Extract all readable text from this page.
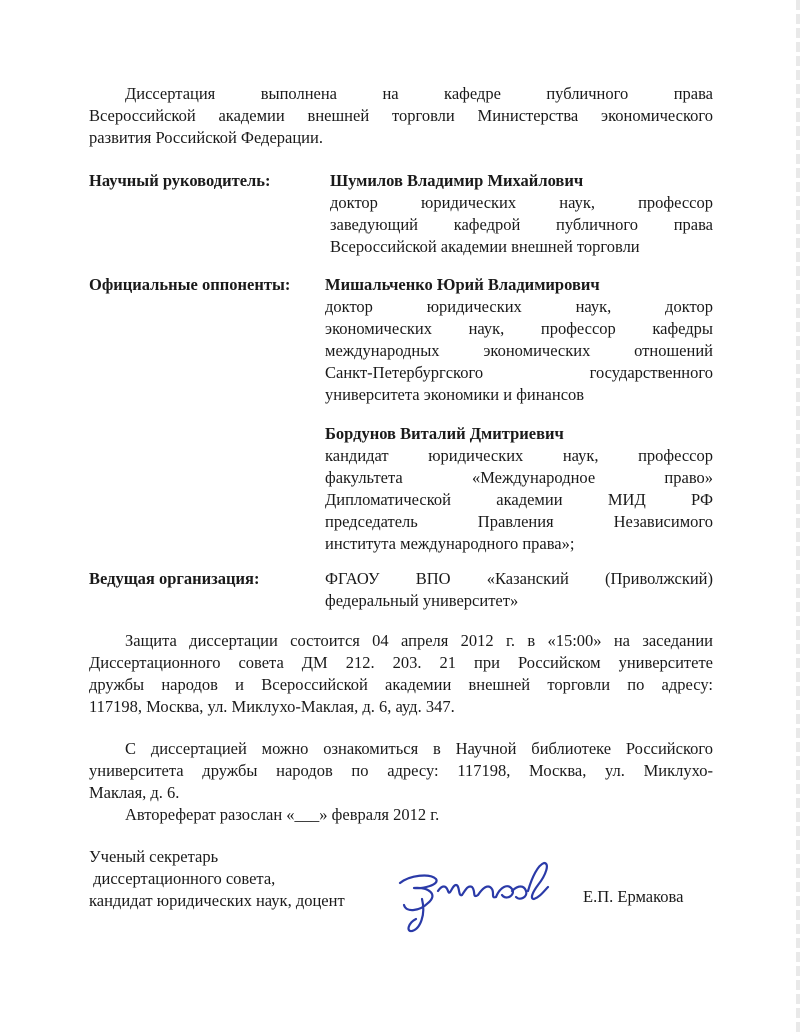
Диссертация выполнена на кафедре публичного права
Всероссийской академии внешней торговли Министерства экономического
развития Российской Федерации.
Научный руководитель:	Шумилов Владимир Михайлович
доктор юридических наук, профессор
заведующий кафедрой публичного права
Всероссийской академии внешней торговли
Официальные оппоненты: Мишальченко Юрий Владимирович
доктор юридических наук, доктор
экономических наук, профессор кафедры
международных экономических отношений
Санкт-Петербургского государственного
университета экономики и финансов
Бордунов Виталий Дмитриевич
кандидат юридических наук, профессор
факультета «Международное право»
Дипломатической академии МИД РФ
председатель Правления Независимого
института международного права»;
Ведущая организация:	ФГАОУ ВПО «Казанский (Приволжский)
федеральный университет»
Защита диссертации состоится 04 апреля 2012 г. в «15:00» на заседании
Диссертационного совета ДМ 212. 203. 21 при Российском университете
дружбы народов и Всероссийской академии внешней торговли по адресу:
117198, Москва, ул. Миклухо-Маклая, д. 6, ауд. 347.
С диссертацией можно ознакомиться в Научной библиотеке Российского
университета дружбы народов по адресу: 117198, Москва, ул. Миклухо-
Маклая, д. 6.
Автореферат разослан «___» февраля 2012 г.
Ученый секретарь
диссертационного совета,
кандидат юридических наук, доцент	Е.П. Ермакова
